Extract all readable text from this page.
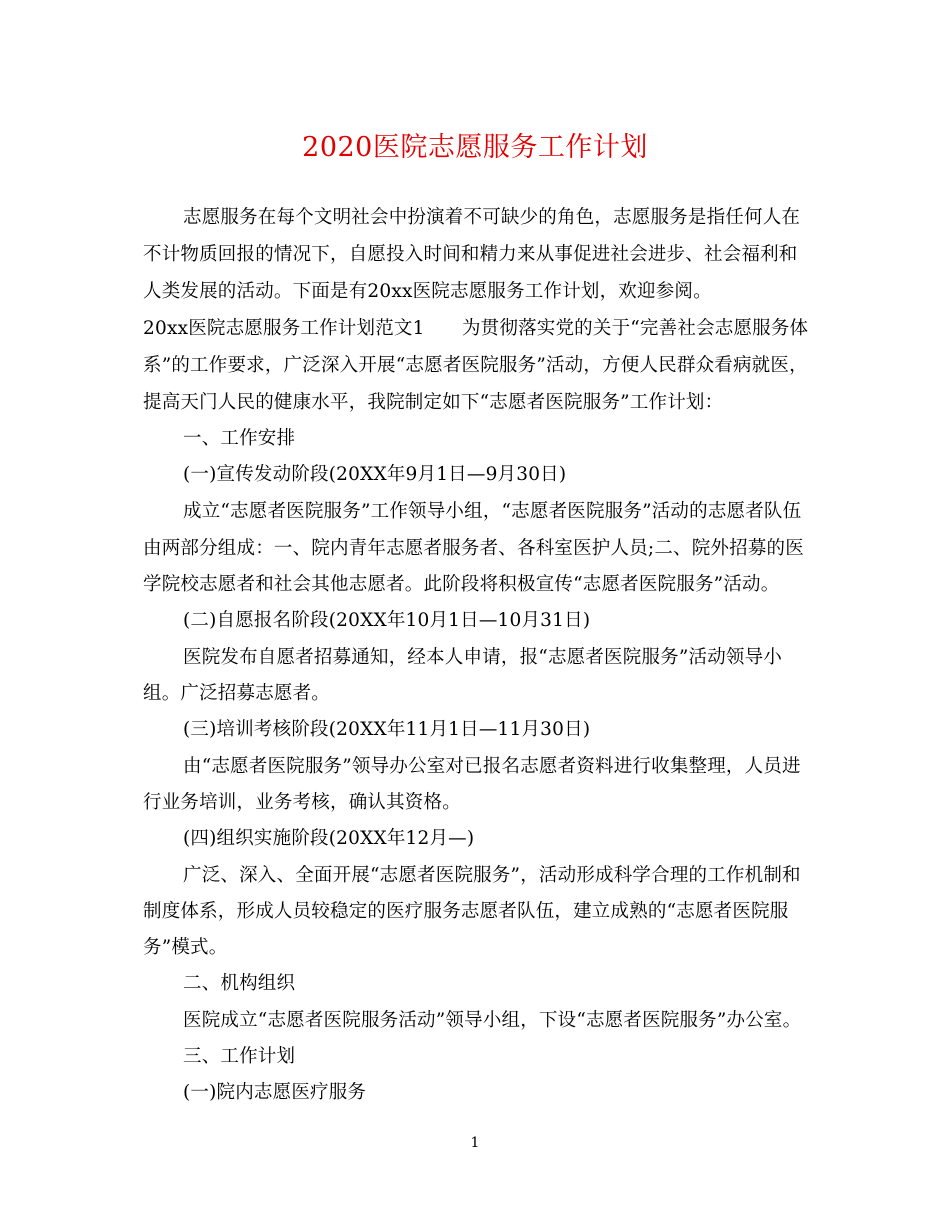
2020医院志愿服务工作计划
志愿服务在每个文明社会中扮演着不可缺少的角色，志愿服务是指任何人在
不计物质回报的情况下，自愿投入时间和精力来从事促进社会进步、社会福利和
人类发展的活动。下面是有20xx医院志愿服务工作计划，欢迎参阅。
20xx医院志愿服务工作计划范文1　　为贯彻落实党的关于“完善社会志愿服务体
系”的工作要求，广泛深入开展“志愿者医院服务”活动，方便人民群众看病就医，
提高天门人民的健康水平，我院制定如下“志愿者医院服务”工作计划：
一、工作安排
(一)宣传发动阶段(20XX年9月1日—9月30日)
成立“志愿者医院服务”工作领导小组，“志愿者医院服务”活动的志愿者队伍
由两部分组成：一、院内青年志愿者服务者、各科室医护人员;二、院外招募的医
学院校志愿者和社会其他志愿者。此阶段将积极宣传“志愿者医院服务”活动。
(二)自愿报名阶段(20XX年10月1日—10月31日)
医院发布自愿者招募通知，经本人申请，报“志愿者医院服务”活动领导小
组。广泛招募志愿者。
(三)培训考核阶段(20XX年11月1日—11月30日)
由“志愿者医院服务”领导办公室对已报名志愿者资料进行收集整理，人员进
行业务培训，业务考核，确认其资格。
(四)组织实施阶段(20XX年12月—)
广泛、深入、全面开展“志愿者医院服务”，活动形成科学合理的工作机制和
制度体系，形成人员较稳定的医疗服务志愿者队伍，建立成熟的“志愿者医院服
务”模式。
二、机构组织
医院成立“志愿者医院服务活动”领导小组，下设“志愿者医院服务”办公室。
三、工作计划
(一)院内志愿医疗服务
1
